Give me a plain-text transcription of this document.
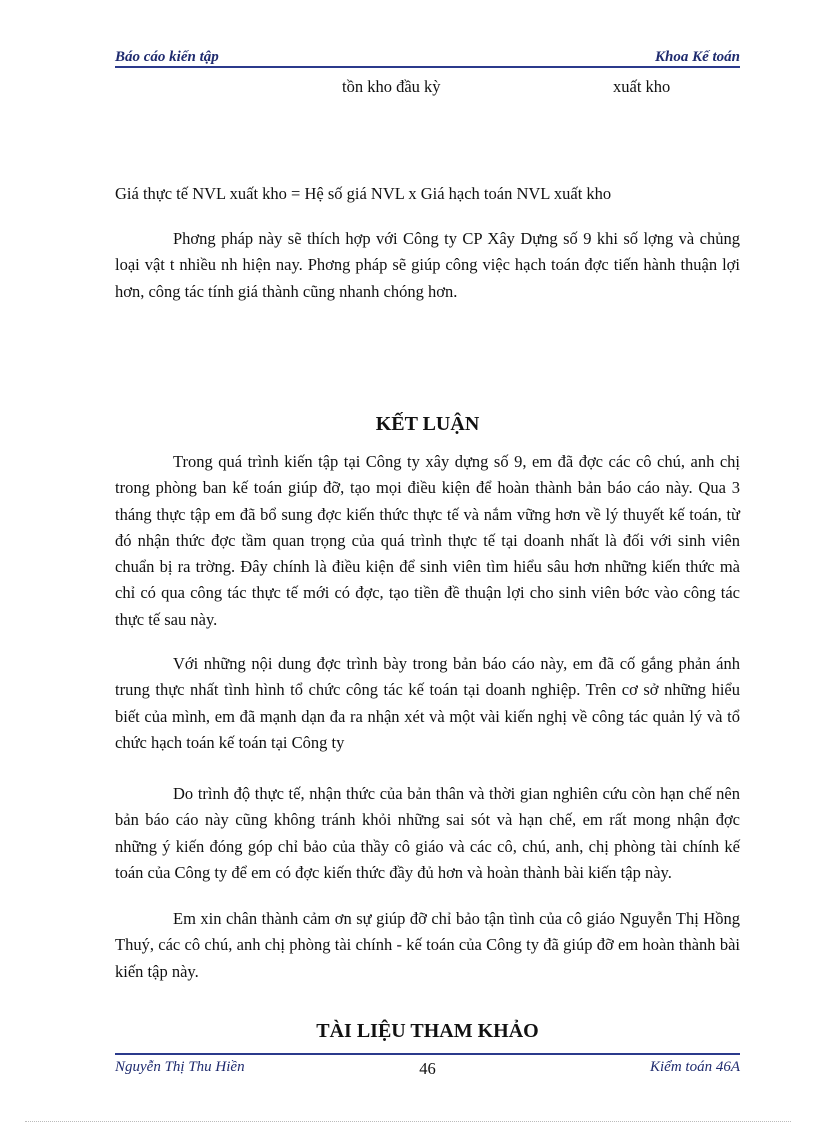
Báo cáo kiến tập	Khoa Kế toán
tồn kho đầu kỳ	xuất kho
Giá thực tế NVL xuất kho = Hệ số giá NVL x Giá hạch toán NVL xuất kho

Phơng pháp này sẽ thích hợp với Công ty CP Xây Dựng số 9 khi số lợng và chủng loại vật t nhiều nh hiện nay. Phơng pháp sẽ giúp công việc hạch toán đợc tiến hành thuận lợi hơn, công tác tính giá thành cũng nhanh chóng hơn.

KẾT LUẬN

Trong quá trình kiến tập tại Công ty xây dựng số 9, em đã đợc các cô chú, anh chị trong phòng ban kế toán giúp đỡ, tạo mọi điều kiện để hoàn thành bản báo cáo này. Qua 3 tháng thực tập em đã bổ sung đợc kiến thức thực tế và nắm vững hơn về lý thuyết kế toán, từ đó nhận thức đợc tầm quan trọng của quá trình thực tế tại doanh nhất là đối với sinh viên chuẩn bị ra trờng. Đây chính là điều kiện để sinh viên tìm hiểu sâu hơn những kiến thức mà chỉ có qua công tác thực tế mới có đợc, tạo tiền đề thuận lợi cho sinh viên bớc vào công tác thực tế sau này.

Với những nội dung đợc trình bày trong bản báo cáo này, em đã cố gắng phản ánh trung thực nhất tình hình tổ chức công tác kế toán tại doanh nghiệp. Trên cơ sở những hiểu biết của mình, em đã mạnh dạn đa ra nhận xét và một vài kiến nghị về công tác quản lý và tổ chức hạch toán kế toán tại Công ty

Do trình độ thực tế, nhận thức của bản thân và thời gian nghiên cứu còn hạn chế nên bản báo cáo này cũng không tránh khỏi những sai sót và hạn chế, em rất mong nhận đợc những ý kiến đóng góp chỉ bảo của thầy cô giáo và các cô, chú, anh, chị phòng tài chính kế toán của Công ty để em có đợc kiến thức đầy đủ hơn và hoàn thành bài kiến tập này.

Em xin chân thành cảm ơn sự giúp đỡ chỉ bảo tận tình của cô giáo Nguyễn Thị Hồng Thuý, các cô chú, anh chị phòng tài chính - kế toán của Công ty đã giúp đỡ em hoàn thành bài kiến tập này.

TÀI LIỆU THAM KHẢO
Nguyễn Thị Thu Hiền	46	Kiểm toán 46A
